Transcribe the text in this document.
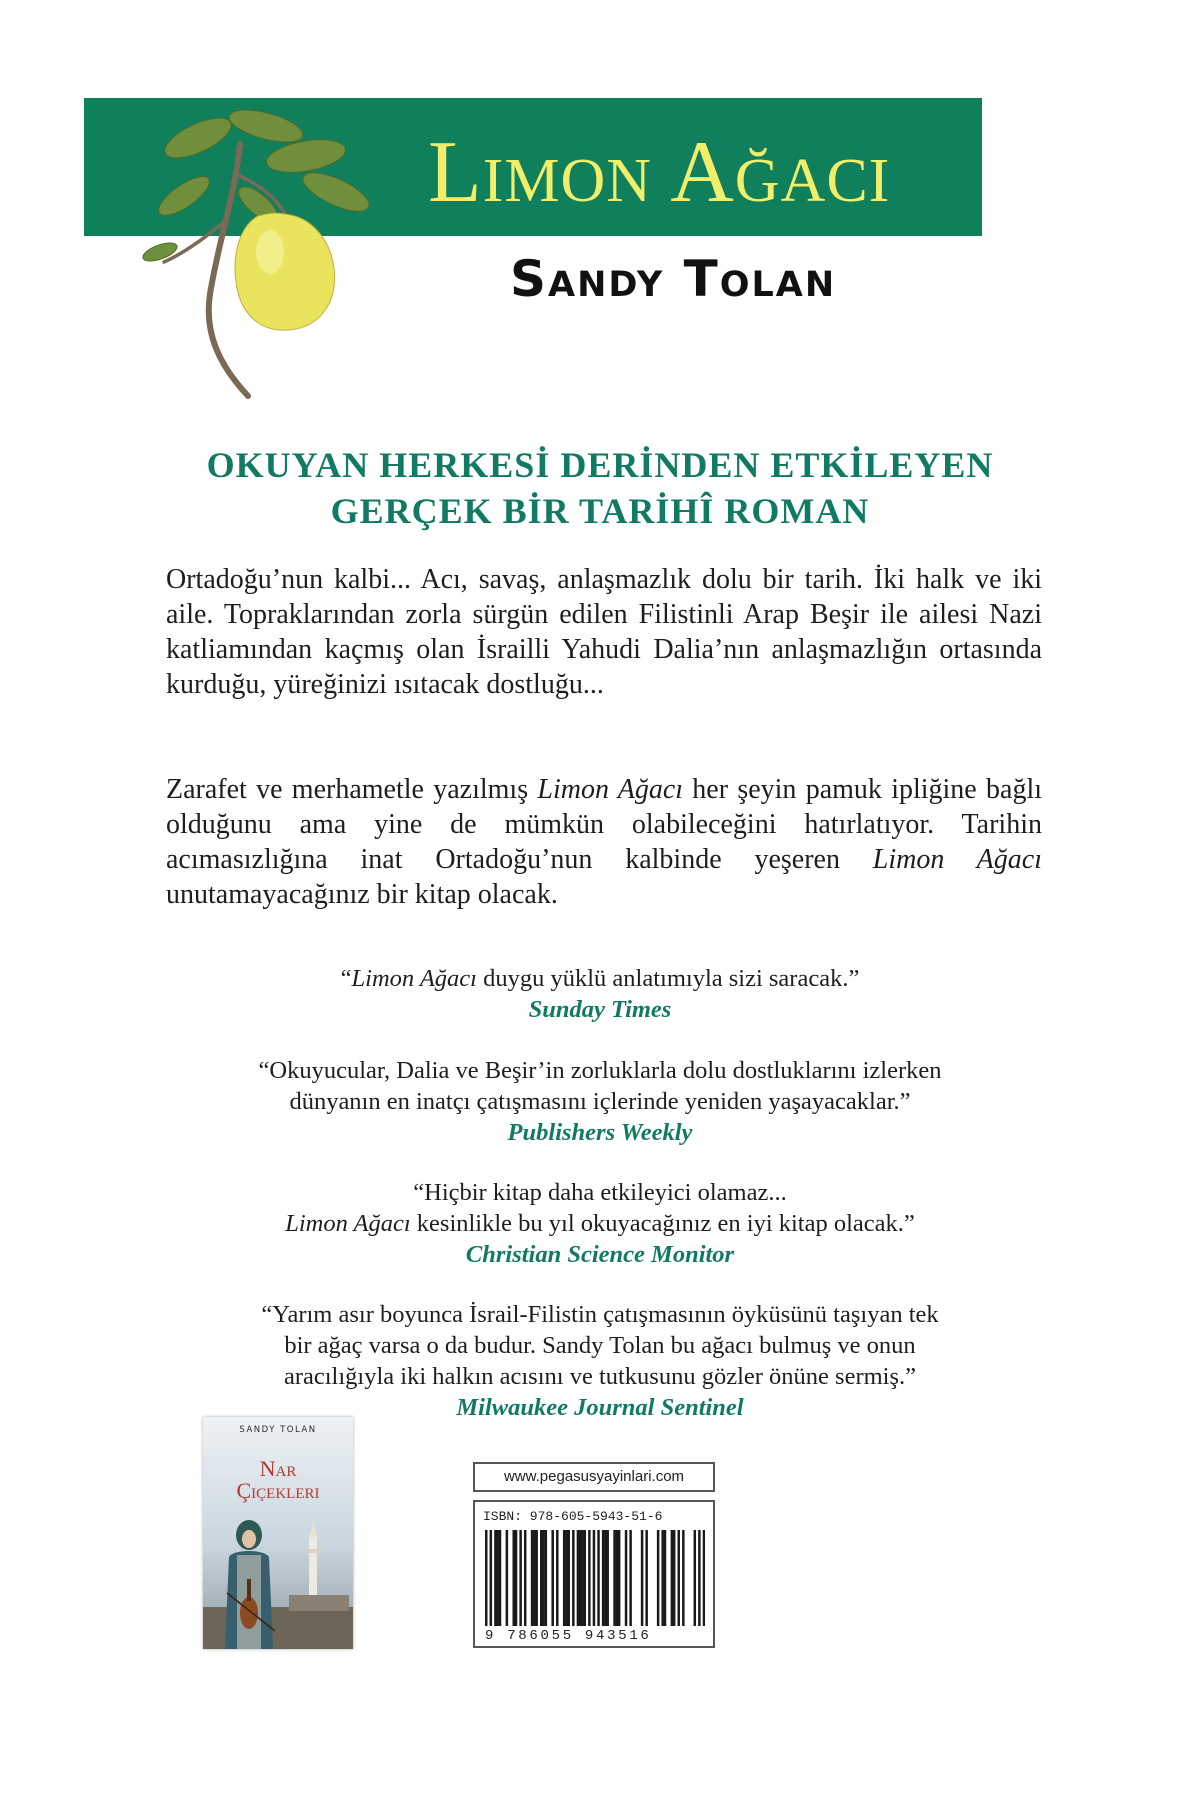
Limon Ağacı
Sandy Tolan
OKUYAN HERKESİ DERİNDEN ETKİLEYEN
GERÇEK BİR TARİHÎ ROMAN
Ortadoğu’nun kalbi... Acı, savaş, anlaşmazlık dolu bir tarih. İki halk ve iki aile. Topraklarından zorla sürgün edilen Filistinli Arap Beşir ile ailesi Nazi katliamından kaçmış olan İsrailli Yahudi Dalia’nın anlaşmazlığın ortasında kurduğu, yüreğinizi ısıtacak dostluğu...
Zarafet ve merhametle yazılmış Limon Ağacı her şeyin pamuk ipliğine bağlı olduğunu ama yine de mümkün olabileceğini hatırlatıyor. Tarihin acımasızlığına inat Ortadoğu’nun kalbinde yeşeren Limon Ağacı unutamayacağınız bir kitap olacak.
“Limon Ağacı duygu yüklü anlatımıyla sizi saracak.”
Sunday Times
“Okuyucular, Dalia ve Beşir’in zorluklarla dolu dostluklarını izlerken
dünyanın en inatçı çatışmasını içlerinde yeniden yaşayacaklar.”
Publishers Weekly
“Hiçbir kitap daha etkileyici olamaz...
Limon Ağacı kesinlikle bu yıl okuyacağınız en iyi kitap olacak.”
Christian Science Monitor
“Yarım asır boyunca İsrail-Filistin çatışmasının öyküsünü taşıyan tek
bir ağaç varsa o da budur. Sandy Tolan bu ağacı bulmuş ve onun
aracılığıyla iki halkın acısını ve tutkusunu gözler önüne sermiş.”
Milwaukee Journal Sentinel
SANDY TOLAN
Nar
Çiçekleri
www.pegasusyayinlari.com
ISBN: 978-605-5943-51-6
9 786055 943516
